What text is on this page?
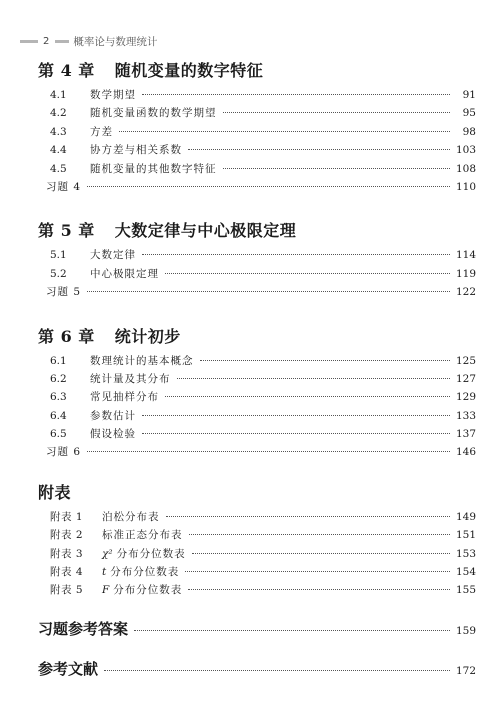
2 概率论与数理统计
第 4 章 随机变量的数字特征
4.1	数学期望	91
4.2	随机变量函数的数学期望	95
4.3	方差	98
4.4	协方差与相关系数	103
4.5	随机变量的其他数字特征	108
习题 4	110
第 5 章 大数定律与中心极限定理
5.1	大数定律	114
5.2	中心极限定理	119
习题 5	122
第 6 章 统计初步
6.1	数理统计的基本概念	125
6.2	统计量及其分布	127
6.3	常见抽样分布	129
6.4	参数估计	133
6.5	假设检验	137
习题 6	146
附表
附表 1	泊松分布表	149
附表 2	标准正态分布表	151
附表 3	χ² 分布分位数表	153
附表 4	t 分布分位数表	154
附表 5	F 分布分位数表	155
习题参考答案	159
参考文献	172
